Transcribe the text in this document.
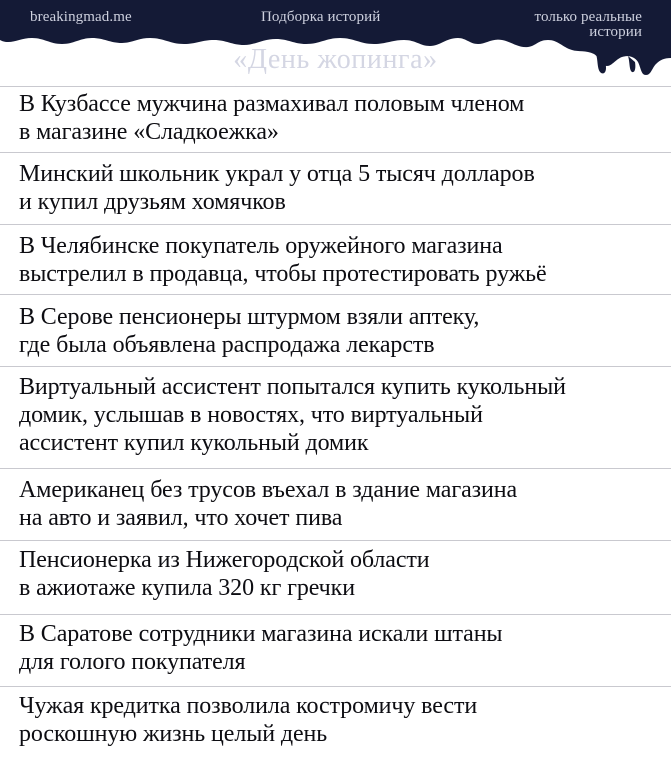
breakingmad.me	Подборка историй	только реальные
истории
«День жопинга»
В Кузбассе мужчина размахивал половым членом
в магазине «Сладкоежка»
Минский школьник украл у отца 5 тысяч долларов
и купил друзьям хомячков
В Челябинске покупатель оружейного магазина
выстрелил в продавца, чтобы протестировать ружьё
В Серове пенсионеры штурмом взяли аптеку,
где была объявлена распродажа лекарств
Виртуальный ассистент попытался купить кукольный
домик, услышав в новостях, что виртуальный
ассистент купил кукольный домик
Американец без трусов въехал в здание магазина
на авто и заявил, что хочет пива
Пенсионерка из Нижегородской области
в ажиотаже купила 320 кг гречки
В Саратове сотрудники магазина искали штаны
для голого покупателя
Чужая кредитка позволила костромичу вести
роскошную жизнь целый день
